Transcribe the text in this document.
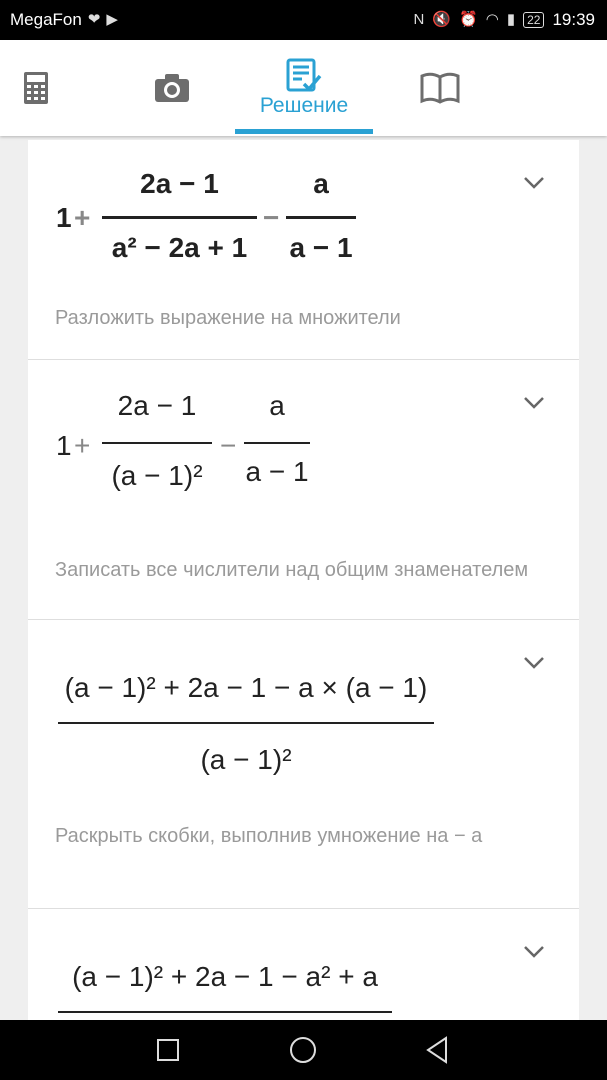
MegaFon ❤ ▶	N 🔇 ⏰ ◠ ▮	22 19:39
Решение
1 +
2a − 1
a² − 2a + 1
−
a
a − 1
Разложить выражение на множители
1 +
2a − 1
(a − 1)²
−
a
a − 1
Записать все числители над общим знаменателем
(a − 1)² + 2a − 1 − a × (a − 1)
(a − 1)²
Раскрыть скобки, выполнив умножение на − a
(a − 1)² + 2a − 1 − a² + a
